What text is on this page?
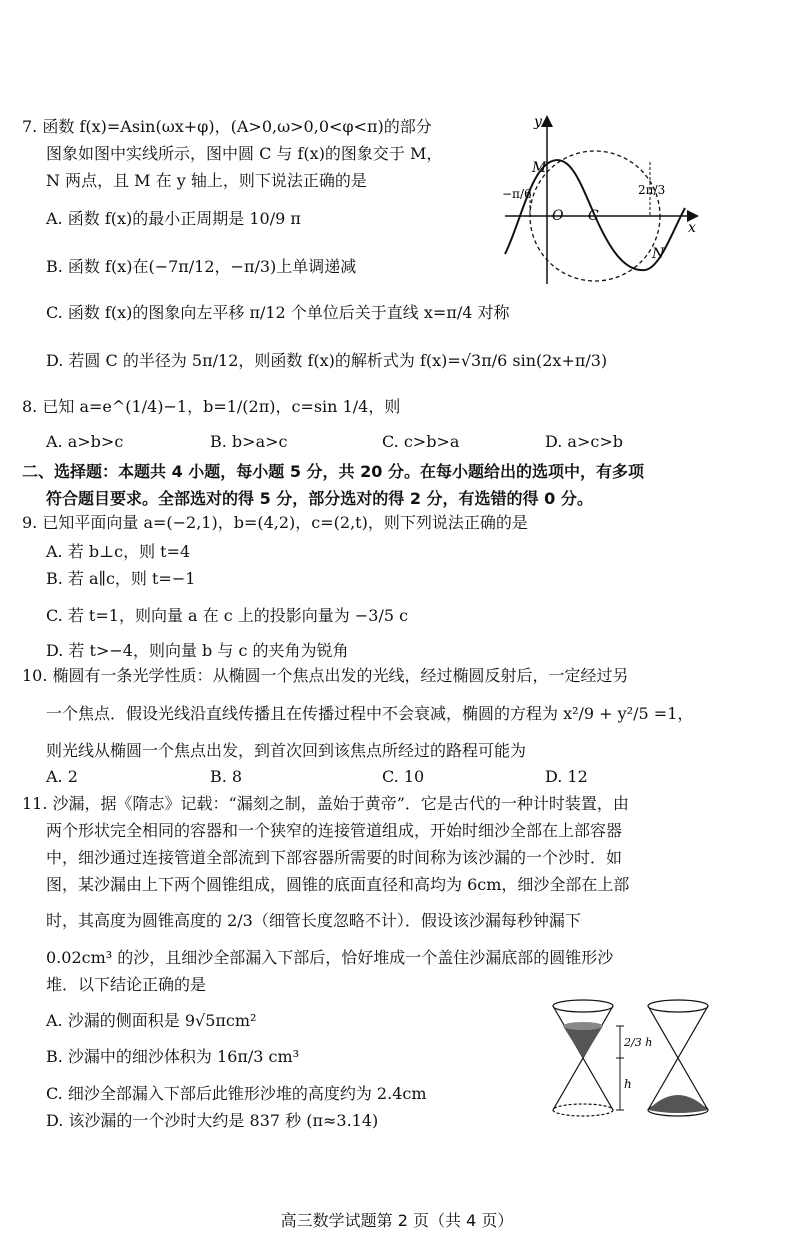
7. 函数 f(x)=Asin(ωx+φ)，(A>0,ω>0,0<φ<π)的部分
图象如图中实线所示，图中圆 C 与 f(x)的图象交于 M，
N 两点，且 M 在 y 轴上，则下说法正确的是
A. 函数 f(x)的最小正周期是 10/9 π
B. 函数 f(x)在(−7π/12，−π/3)上单调递减
C. 函数 f(x)的图象向左平移 π/12 个单位后关于直线 x=π/4 对称
D. 若圆 C 的半径为 5π/12，则函数 f(x)的解析式为 f(x)=√3π/6 sin(2x+π/3)
y
x
M
N
O C
−π/6	2π/3
8. 已知 a=e^(1/4)−1，b=1/(2π)，c=sin 1/4，则
A. a>b>c	B. b>a>c	C. c>b>a	D. a>c>b
二、选择题：本题共 4 小题，每小题 5 分，共 20 分。在每小题给出的选项中，有多项
符合题目要求。全部选对的得 5 分，部分选对的得 2 分，有选错的得 0 分。
9. 已知平面向量 a=(−2,1)，b=(4,2)，c=(2,t)，则下列说法正确的是
A. 若 b⊥c，则 t=4
B. 若 a∥c，则 t=−1
C. 若 t=1，则向量 a 在 c 上的投影向量为 −3/5 c
D. 若 t>−4，则向量 b 与 c 的夹角为锐角
10. 椭圆有一条光学性质：从椭圆一个焦点出发的光线，经过椭圆反射后，一定经过另
一个焦点．假设光线沿直线传播且在传播过程中不会衰减，椭圆的方程为 x²/9 + y²/5 =1，
则光线从椭圆一个焦点出发，到首次回到该焦点所经过的路程可能为
A. 2	B. 8	C. 10	D. 12
11. 沙漏，据《隋志》记载：“漏刻之制，盖始于黄帝”．它是古代的一种计时装置，由
两个形状完全相同的容器和一个狭窄的连接管道组成，开始时细沙全部在上部容器
中，细沙通过连接管道全部流到下部容器所需要的时间称为该沙漏的一个沙时．如
图，某沙漏由上下两个圆锥组成，圆锥的底面直径和高均为 6cm，细沙全部在上部
时，其高度为圆锥高度的 2/3（细管长度忽略不计）．假设该沙漏每秒钟漏下
0.02cm³ 的沙，且细沙全部漏入下部后，恰好堆成一个盖住沙漏底部的圆锥形沙
堆．以下结论正确的是
A. 沙漏的侧面积是 9√5πcm²
B. 沙漏中的细沙体积为 16π/3 cm³
C. 细沙全部漏入下部后此锥形沙堆的高度约为 2.4cm
D. 该沙漏的一个沙时大约是 837 秒 (π≈3.14)
2/3 h
h
高三数学试题第 2 页（共 4 页）
